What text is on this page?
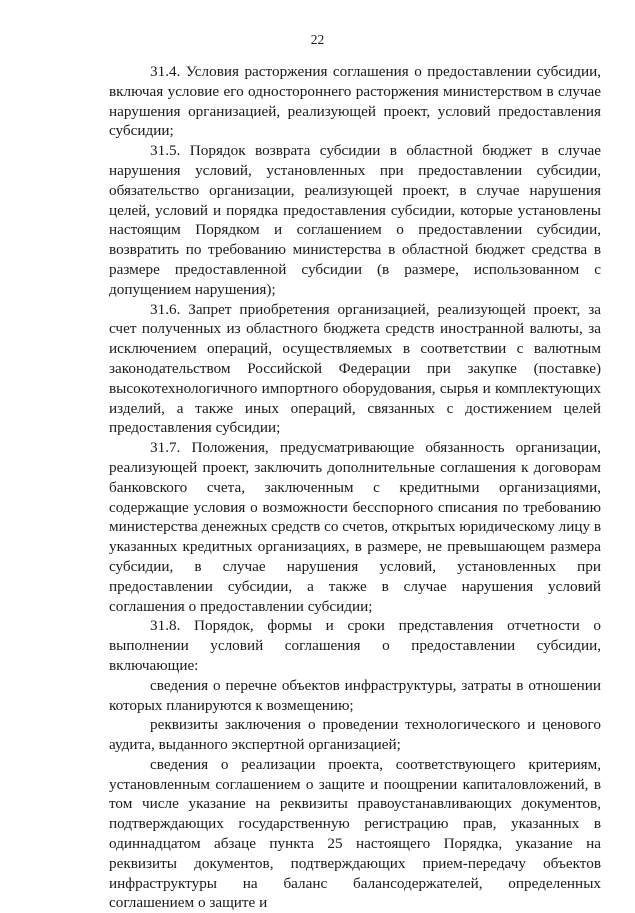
22

31.4. Условия расторжения соглашения о предоставлении субсидии, включая условие его одностороннего расторжения министерством в случае нарушения организацией, реализующей проект, условий предоставления субсидии;

31.5. Порядок возврата субсидии в областной бюджет в случае нарушения условий, установленных при предоставлении субсидии, обязательство организации, реализующей проект, в случае нарушения целей, условий и порядка предоставления субсидии, которые установлены настоящим Порядком и соглашением о предоставлении субсидии, возвратить по требованию министерства в областной бюджет средства в размере предоставленной субсидии (в размере, использованном с допущением нарушения);

31.6. Запрет приобретения организацией, реализующей проект, за счет полученных из областного бюджета средств иностранной валюты, за исключением операций, осуществляемых в соответствии с валютным законодательством Российской Федерации при закупке (поставке) высокотехнологичного импортного оборудования, сырья и комплектующих изделий, а также иных операций, связанных с достижением целей предоставления субсидии;

31.7. Положения, предусматривающие обязанность организации, реализующей проект, заключить дополнительные соглашения к договорам банковского счета, заключенным с кредитными организациями, содержащие условия о возможности бесспорного списания по требованию министерства денежных средств со счетов, открытых юридическому лицу в указанных кредитных организациях, в размере, не превышающем размера субсидии, в случае нарушения условий, установленных при предоставлении субсидии, а также в случае нарушения условий соглашения о предоставлении субсидии;

31.8. Порядок, формы и сроки представления отчетности о выполнении условий соглашения о предоставлении субсидии, включающие:

сведения о перечне объектов инфраструктуры, затраты в отношении которых планируются к возмещению;

реквизиты заключения о проведении технологического и ценового аудита, выданного экспертной организацией;

сведения о реализации проекта, соответствующего критериям, установленным соглашением о защите и поощрении капиталовложений, в том числе указание на реквизиты правоустанавливающих документов, подтверждающих государственную регистрацию прав, указанных в одиннадцатом абзаце пункта 25 настоящего Порядка, указание на реквизиты документов, подтверждающих прием-передачу объектов инфраструктуры на баланс балансодержателей, определенных соглашением о защите и
